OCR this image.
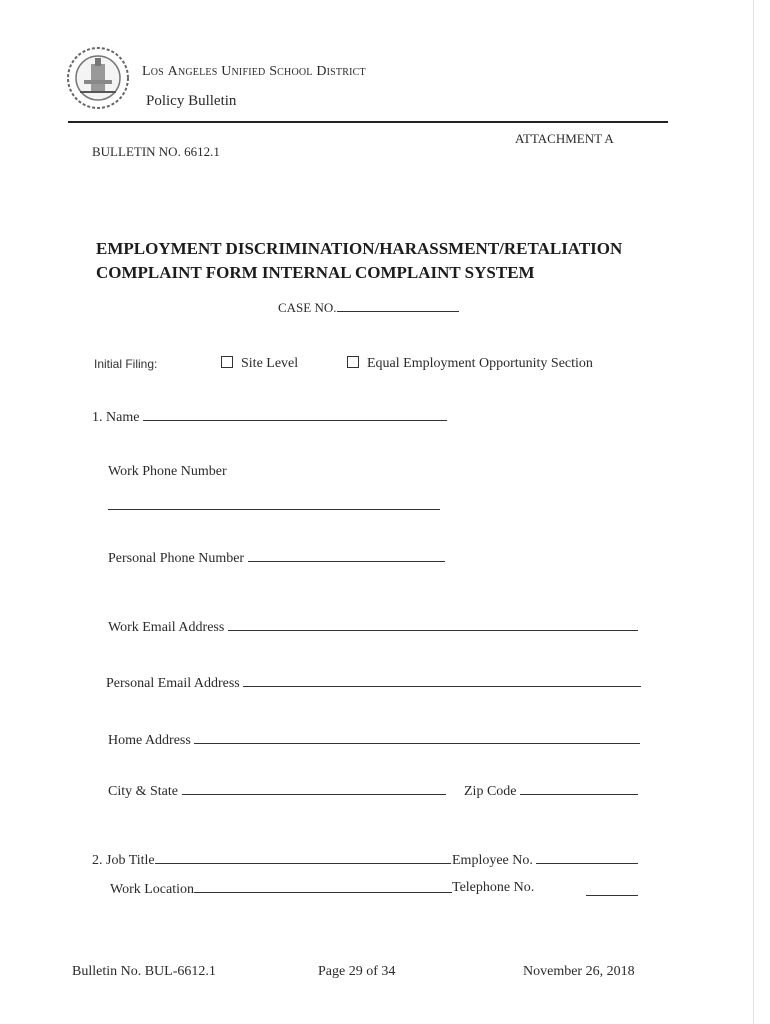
Los Angeles Unified School District
Policy Bulletin
BULLETIN NO. 6612.1
ATTACHMENT A
EMPLOYMENT DISCRIMINATION/HARASSMENT/RETALIATION
COMPLAINT FORM INTERNAL COMPLAINT SYSTEM
CASE NO.
Initial Filing:	Site Level	Equal Employment Opportunity Section
1. Name
Work Phone Number
Personal Phone Number
Work Email Address
Personal Email Address
Home Address
City & State	Zip Code
2. Job Title	Employee No.
Work Location	Telephone No.
Bulletin No. BUL-6612.1	Page 29 of 34	November 26, 2018
